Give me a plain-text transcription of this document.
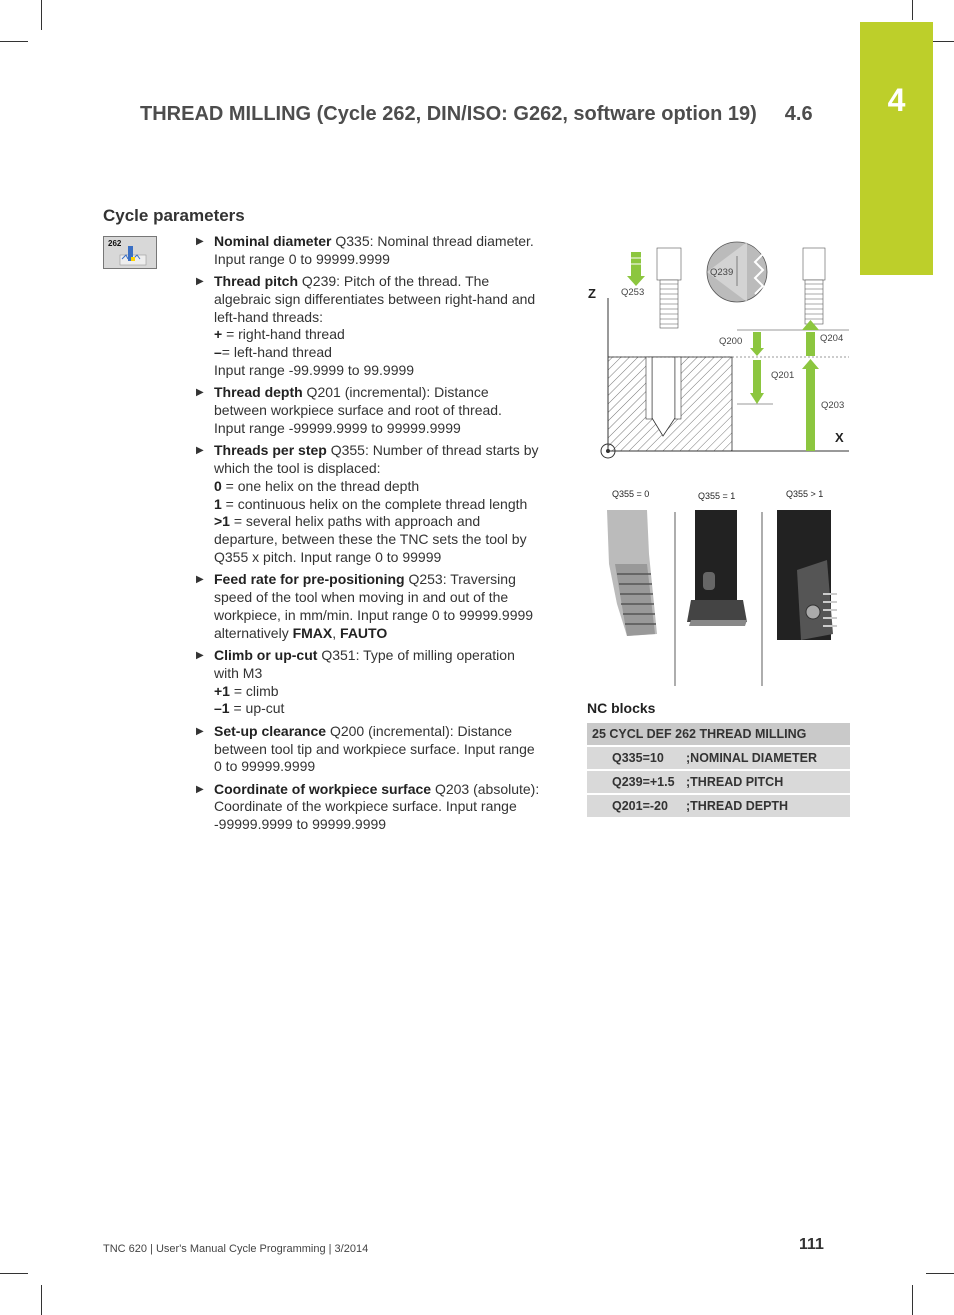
4
THREAD MILLING (Cycle 262, DIN/ISO: G262, software option 19) 4.6
Cycle parameters
262	▶ Nominal diameter Q335: Nominal thread diameter.
Input range 0 to 99999.9999
▶ Thread pitch Q239: Pitch of the thread. The
algebraic sign differentiates between right-hand and
left-hand threads:
+ = right-hand thread
–= left-hand thread
Input range -99.9999 to 99.9999
▶ Thread depth Q201 (incremental): Distance
between workpiece surface and root of thread.
Input range -99999.9999 to 99999.9999
▶ Threads per step Q355: Number of thread starts by
which the tool is displaced:
0 = one helix on the thread depth
1 = continuous helix on the complete thread length
>1 = several helix paths with approach and
departure, between these the TNC sets the tool by
Q355 x pitch. Input range 0 to 99999
▶ Feed rate for pre-positioning Q253: Traversing
speed of the tool when moving in and out of the
workpiece, in mm/min. Input range 0 to 99999.9999
alternatively FMAX, FAUTO
▶ Climb or up-cut Q351: Type of milling operation
with M3
+1 = climb
–1 = up-cut
▶ Set-up clearance Q200 (incremental): Distance
between tool tip and workpiece surface. Input range
0 to 99999.9999
▶ Coordinate of workpiece surface Q203 (absolute):
Coordinate of the workpiece surface. Input range
-99999.9999 to 99999.9999
Z
X
Q253
Q239
Q200
Q201
Q204
Q203
Q355 = 0	Q355 = 1	Q355 > 1
NC blocks
25 CYCL DEF 262 THREAD MILLING
Q335=10 ;NOMINAL DIAMETER
Q239=+1.5 ;THREAD PITCH
Q201=-20 ;THREAD DEPTH
TNC 620 | User's Manual Cycle Programming | 3/2014	111
